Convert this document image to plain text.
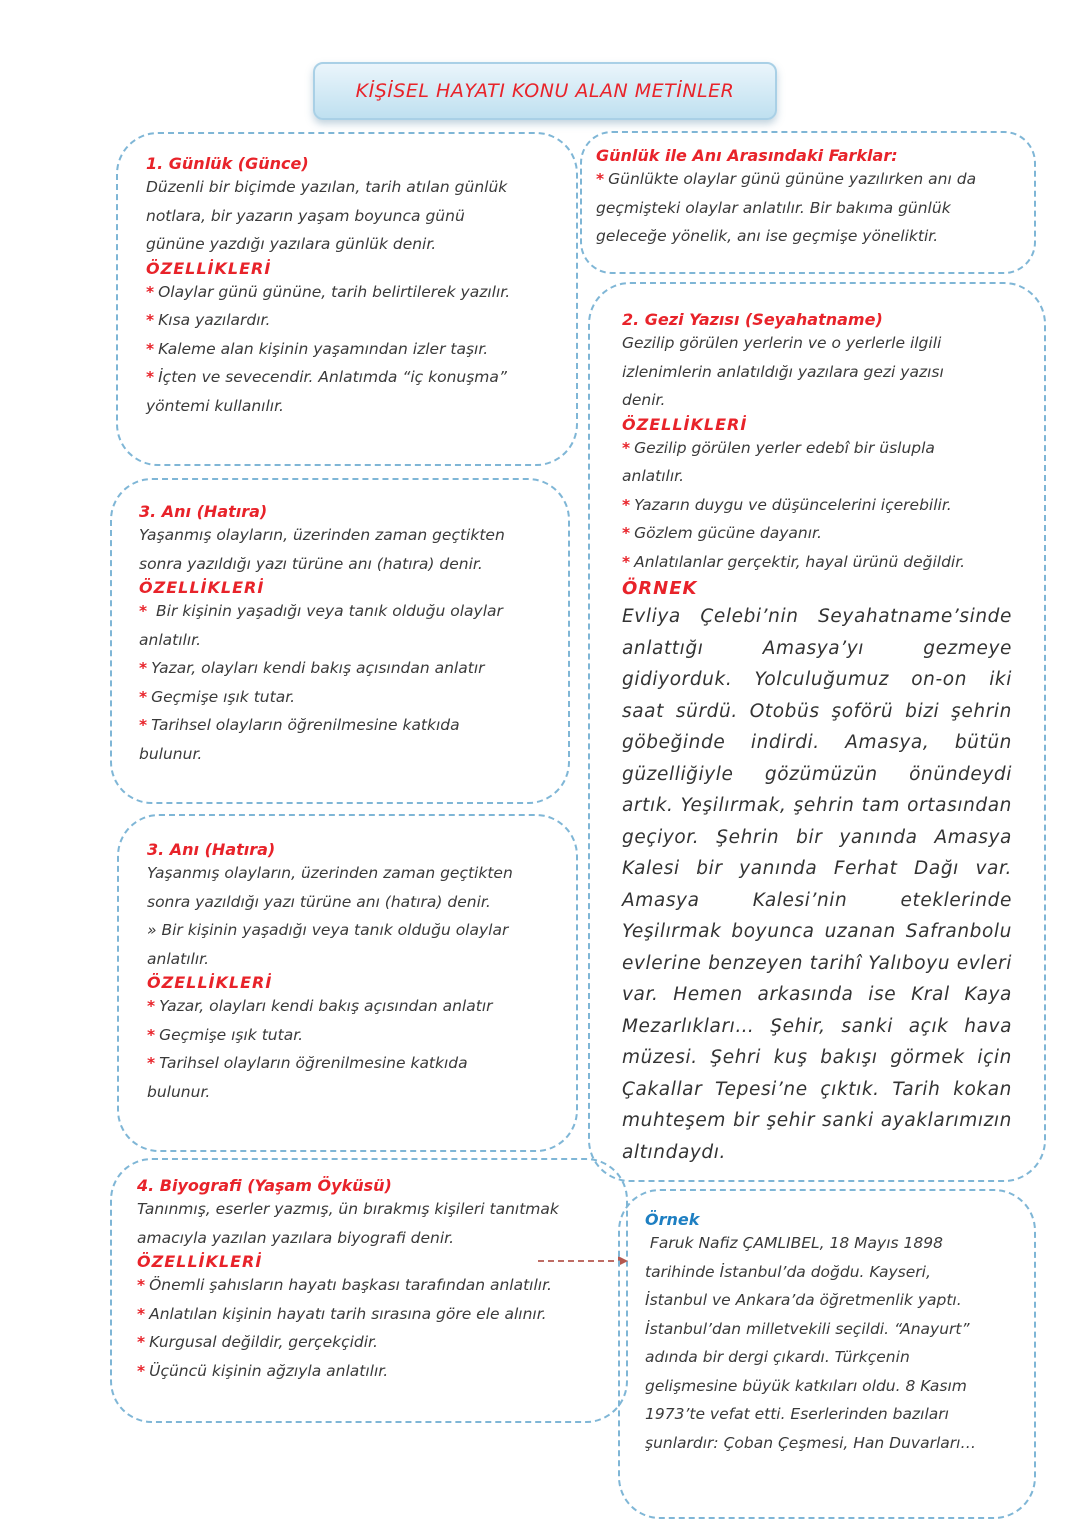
KİŞİSEL HAYATI KONU ALAN METİNLER

1. Günlük (Günce)

Düzenli bir biçimde yazılan, tarih atılan günlük

notlara, bir yazarın yaşam boyunca günü

gününe yazdığı yazılara günlük denir.

ÖZELLİKLERİ

* Olaylar günü gününe, tarih belirtilerek yazılır.

* Kısa yazılardır.

* Kaleme alan kişinin yaşamından izler taşır.

* İçten ve sevecendir. Anlatımda “iç konuşma”

yöntemi kullanılır.

Günlük ile Anı Arasındaki Farklar:

* Günlükte olaylar günü gününe yazılırken anı da

geçmişteki olaylar anlatılır. Bir bakıma günlük

geleceğe yönelik, anı ise geçmişe yöneliktir.

3. Anı (Hatıra)

Yaşanmış olayların, üzerinden zaman geçtikten

sonra yazıldığı yazı türüne anı (hatıra) denir.

ÖZELLİKLERİ

* Bir kişinin yaşadığı veya tanık olduğu olaylar

anlatılır.

* Yazar, olayları kendi bakış açısından anlatır

* Geçmişe ışık tutar.

* Tarihsel olayların öğrenilmesine katkıda

bulunur.

3. Anı (Hatıra)

Yaşanmış olayların, üzerinden zaman geçtikten

sonra yazıldığı yazı türüne anı (hatıra) denir.

» Bir kişinin yaşadığı veya tanık olduğu olaylar

anlatılır.

ÖZELLİKLERİ

* Yazar, olayları kendi bakış açısından anlatır

* Geçmişe ışık tutar.

* Tarihsel olayların öğrenilmesine katkıda

bulunur.

2. Gezi Yazısı (Seyahatname)

Gezilip görülen yerlerin ve o yerlerle ilgili

izlenimlerin anlatıldığı yazılara gezi yazısı

denir.

ÖZELLİKLERİ

* Gezilip görülen yerler edebî bir üslupla

anlatılır.

* Yazarın duygu ve düşüncelerini içerebilir.

* Gözlem gücüne dayanır.

* Anlatılanlar gerçektir, hayal ürünü değildir.

ÖRNEK

Evliya Çelebi’nin Seyahatname’sinde anlattığı Amasya’yı gezmeye gidiyorduk. Yolculuğumuz on-on iki saat sürdü. Otobüs şoförü bizi şehrin göbeğinde indirdi. Amasya, bütün güzelliğiyle gözümüzün önündeydi artık. Yeşilırmak, şehrin tam ortasından geçiyor. Şehrin bir yanında Amasya Kalesi bir yanında Ferhat Dağı var. Amasya Kalesi’nin eteklerinde Yeşilırmak boyunca uzanan Safranbolu evlerine benzeyen tarihî Yalıboyu evleri var. Hemen arkasında ise Kral Kaya Mezarlıkları… Şehir, sanki açık hava müzesi. Şehri kuş bakışı görmek için Çakallar Tepesi’ne çıktık. Tarih kokan muhteşem bir şehir sanki ayaklarımızın altındaydı.

4. Biyografi (Yaşam Öyküsü)

Tanınmış, eserler yazmış, ün bırakmış kişileri tanıtmak

amacıyla yazılan yazılara biyografi denir.

ÖZELLİKLERİ

* Önemli şahısların hayatı başkası tarafından anlatılır.

* Anlatılan kişinin hayatı tarih sırasına göre ele alınır.

* Kurgusal değildir, gerçekçidir.

* Üçüncü kişinin ağzıyla anlatılır.

Örnek

Faruk Nafiz ÇAMLIBEL, 18 Mayıs 1898

tarihinde İstanbul’da doğdu. Kayseri,

İstanbul ve Ankara’da öğretmenlik yaptı.

İstanbul’dan milletvekili seçildi. “Anayurt”

adında bir dergi çıkardı. Türkçenin

gelişmesine büyük katkıları oldu. 8 Kasım

1973’te vefat etti. Eserlerinden bazıları

şunlardır: Çoban Çeşmesi, Han Duvarları…
